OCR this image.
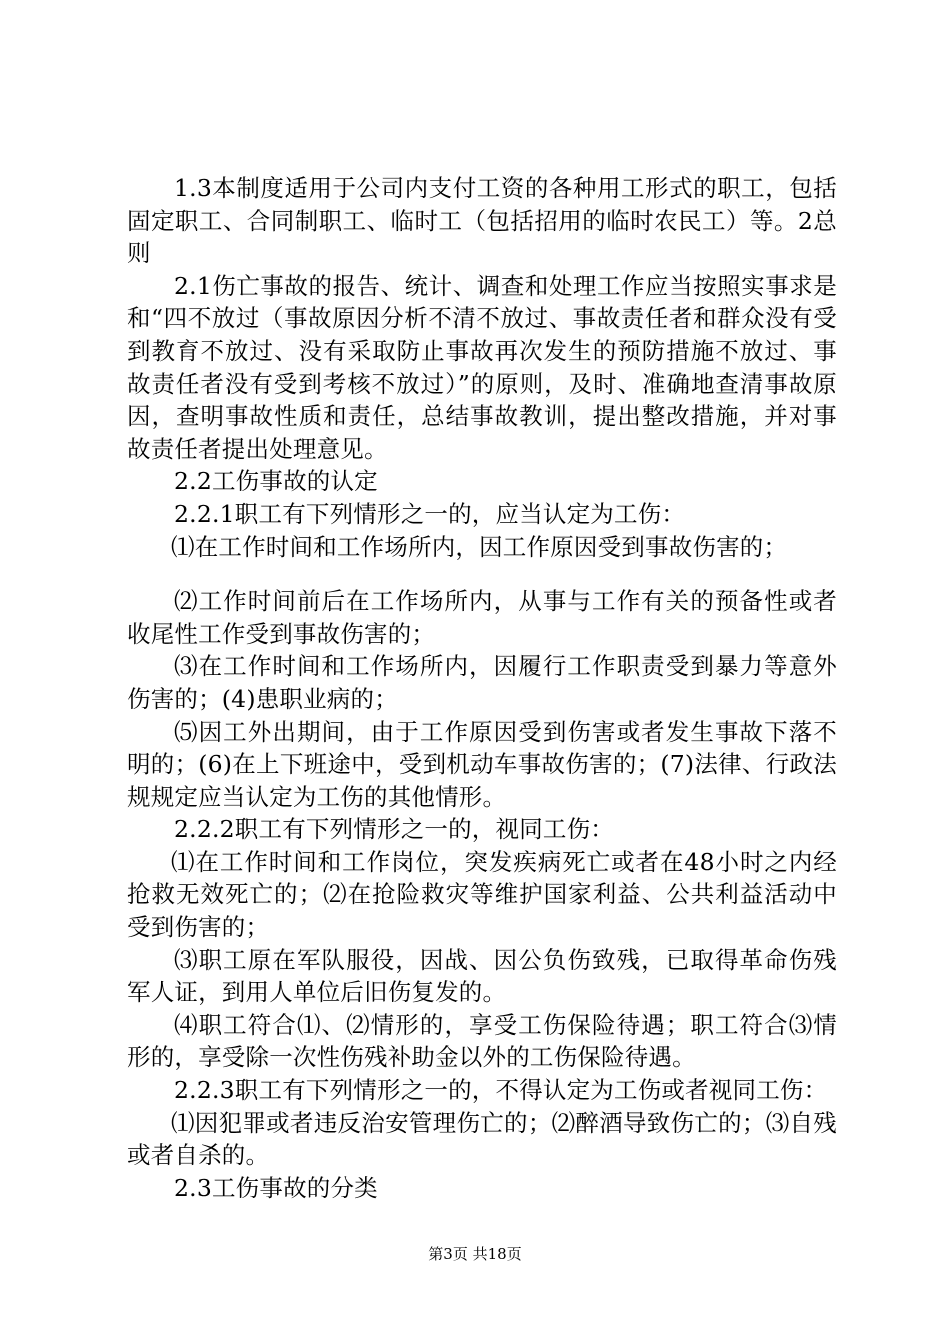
1.3本制度适用于公司内支付工资的各种用工形式的职工，包括固定职工、合同制职工、临时工（包括招用的临时农民工）等。2总则

2.1伤亡事故的报告、统计、调查和处理工作应当按照实事求是和“四不放过（事故原因分析不清不放过、事故责任者和群众没有受到教育不放过、没有采取防止事故再次发生的预防措施不放过、事故责任者没有受到考核不放过）”的原则，及时、准确地查清事故原因，查明事故性质和责任，总结事故教训，提出整改措施，并对事故责任者提出处理意见。

2.2工伤事故的认定

2.2.1职工有下列情形之一的，应当认定为工伤：

⑴在工作时间和工作场所内，因工作原因受到事故伤害的；

⑵工作时间前后在工作场所内，从事与工作有关的预备性或者收尾性工作受到事故伤害的；

⑶在工作时间和工作场所内，因履行工作职责受到暴力等意外伤害的；(4)患职业病的；

⑸因工外出期间，由于工作原因受到伤害或者发生事故下落不明的；(6)在上下班途中，受到机动车事故伤害的；(7)法律、行政法规规定应当认定为工伤的其他情形。

2.2.2职工有下列情形之一的，视同工伤：

⑴在工作时间和工作岗位，突发疾病死亡或者在48小时之内经抢救无效死亡的；⑵在抢险救灾等维护国家利益、公共利益活动中受到伤害的；

⑶职工原在军队服役，因战、因公负伤致残，已取得革命伤残军人证，到用人单位后旧伤复发的。

⑷职工符合⑴、⑵情形的，享受工伤保险待遇；职工符合⑶情形的，享受除一次性伤残补助金以外的工伤保险待遇。

2.2.3职工有下列情形之一的，不得认定为工伤或者视同工伤：

⑴因犯罪或者违反治安管理伤亡的；⑵醉酒导致伤亡的；⑶自残或者自杀的。

2.3工伤事故的分类

第3页 共18页
